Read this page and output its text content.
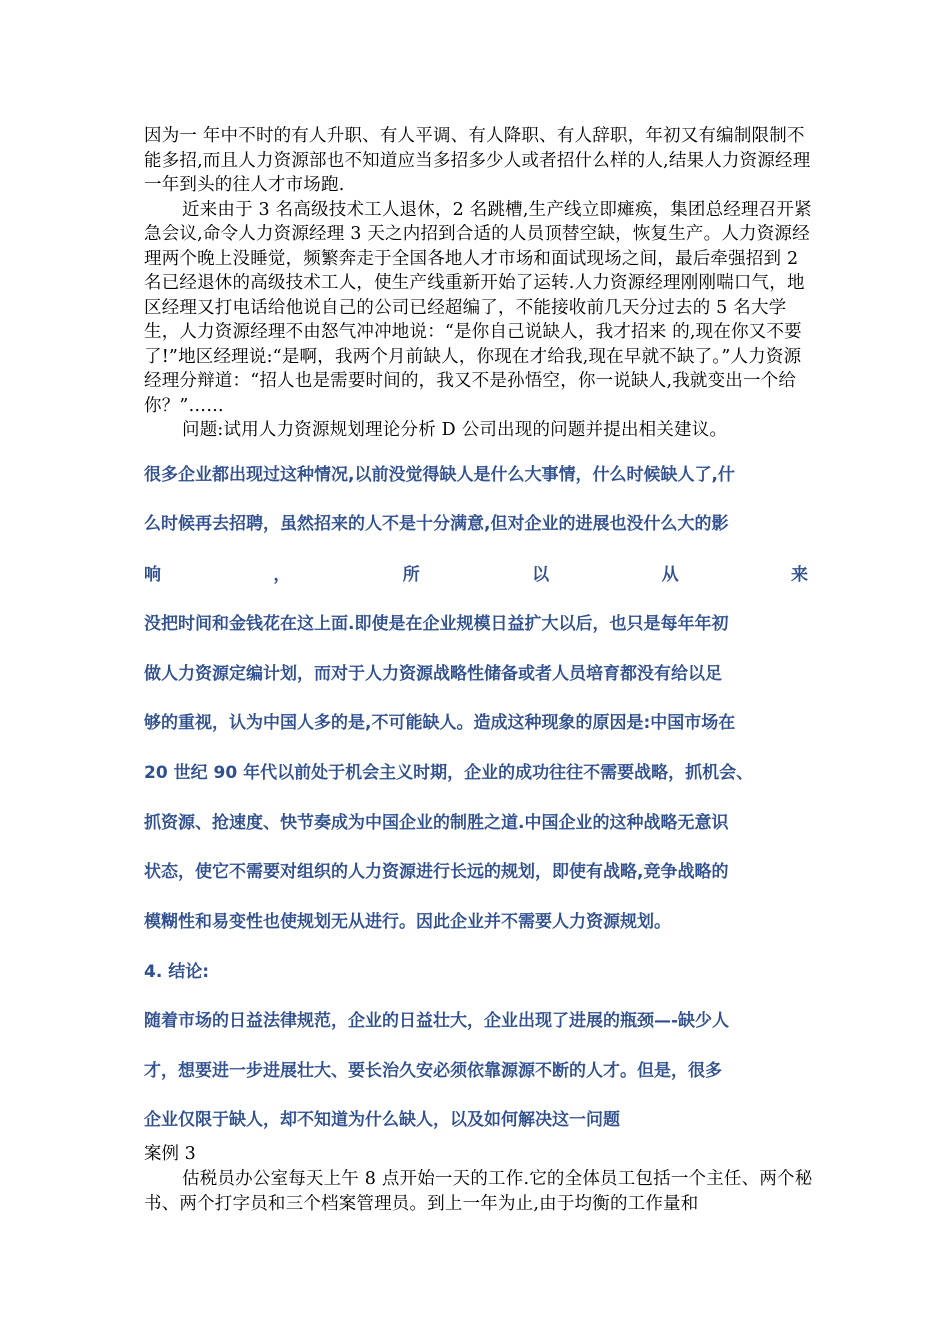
因为一 年中不时的有人升职、有人平调、有人降职、有人辞职，年初又有编制限制不能多招,而且人力资源部也不知道应当多招多少人或者招什么样的人,结果人力资源经理一年到头的往人才市场跑.

近来由于 3 名高级技术工人退休，2 名跳槽,生产线立即瘫痪，集团总经理召开紧急会议,命令人力资源经理 3 天之内招到合适的人员顶替空缺，恢复生产。人力资源经理两个晚上没睡觉，频繁奔走于全国各地人才市场和面试现场之间，最后牵强招到 2 名已经退休的高级技术工人，使生产线重新开始了运转.人力资源经理刚刚喘口气，地区经理又打电话给他说自己的公司已经超编了，不能接收前几天分过去的 5 名大学生，人力资源经理不由怒气冲冲地说：“是你自己说缺人，我才招来 的,现在你又不要了!”地区经理说:“是啊，我两个月前缺人，你现在才给我,现在早就不缺了。”人力资源经理分辩道：“招人也是需要时间的，我又不是孙悟空，你一说缺人,我就变出一个给你？”……

问题:试用人力资源规划理论分析 D 公司出现的问题并提出相关建议。

很多企业都出现过这种情况,以前没觉得缺人是什么大事情，什么时候缺人了,什
么时候再去招聘，虽然招来的人不是十分满意,但对企业的进展也没什么大的影
响	，	所	以	从	来
没把时间和金钱花在这上面.即使是在企业规模日益扩大以后，也只是每年年初
做人力资源定编计划，而对于人力资源战略性储备或者人员培育都没有给以足
够的重视，认为中国人多的是,不可能缺人。造成这种现象的原因是:中国市场在
20 世纪 90 年代以前处于机会主义时期，企业的成功往往不需要战略，抓机会、
抓资源、抢速度、快节奏成为中国企业的制胜之道.中国企业的这种战略无意识
状态，使它不需要对组织的人力资源进行长远的规划，即使有战略,竞争战略的
模糊性和易变性也使规划无从进行。因此企业并不需要人力资源规划。
4. 结论:
随着市场的日益法律规范，企业的日益壮大，企业出现了进展的瓶颈—-缺少人
才，想要进一步进展壮大、要长治久安必须依靠源源不断的人才。但是，很多
企业仅限于缺人，却不知道为什么缺人，以及如何解决这一问题
案例 3

估税员办公室每天上午 8 点开始一天的工作.它的全体员工包括一个主任、两个秘书、两个打字员和三个档案管理员。到上一年为止,由于均衡的工作量和
